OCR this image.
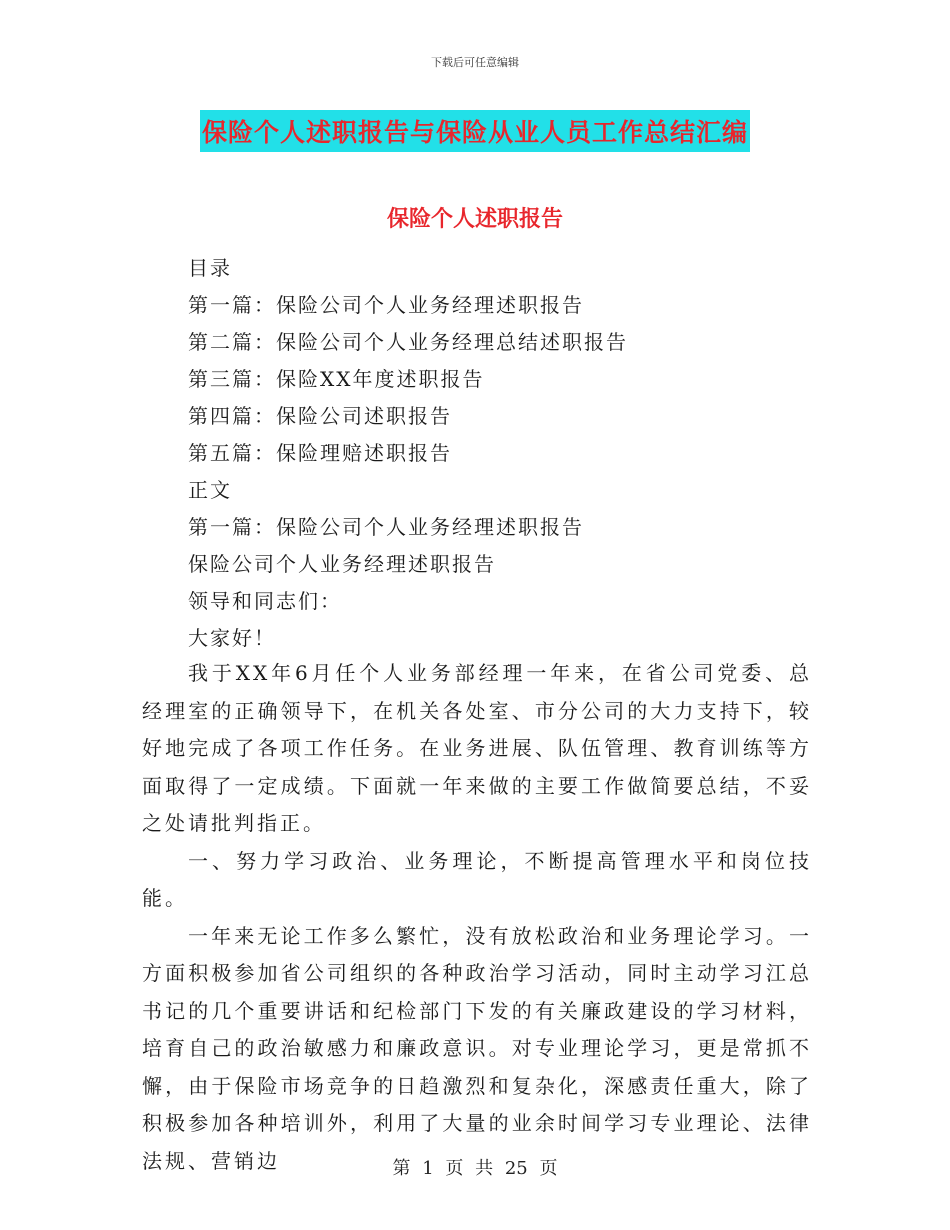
下载后可任意编辑
保险个人述职报告与保险从业人员工作总结汇编
保险个人述职报告
目录
第一篇：保险公司个人业务经理述职报告
第二篇：保险公司个人业务经理总结述职报告
第三篇：保险XX年度述职报告
第四篇：保险公司述职报告
第五篇：保险理赔述职报告
正文
第一篇：保险公司个人业务经理述职报告
保险公司个人业务经理述职报告
领导和同志们：
大家好！

我于XX年6月任个人业务部经理一年来，在省公司党委、总经理室的正确领导下，在机关各处室、市分公司的大力支持下，较好地完成了各项工作任务。在业务进展、队伍管理、教育训练等方面取得了一定成绩。下面就一年来做的主要工作做简要总结，不妥之处请批判指正。

一、努力学习政治、业务理论，不断提高管理水平和岗位技能。

一年来无论工作多么繁忙，没有放松政治和业务理论学习。一方面积极参加省公司组织的各种政治学习活动，同时主动学习江总书记的几个重要讲话和纪检部门下发的有关廉政建设的学习材料，培育自己的政治敏感力和廉政意识。对专业理论学习，更是常抓不懈，由于保险市场竞争的日趋激烈和复杂化，深感责任重大，除了积极参加各种培训外，利用了大量的业余时间学习专业理论、法律法规、营销边	第 1 页 共 25 页
